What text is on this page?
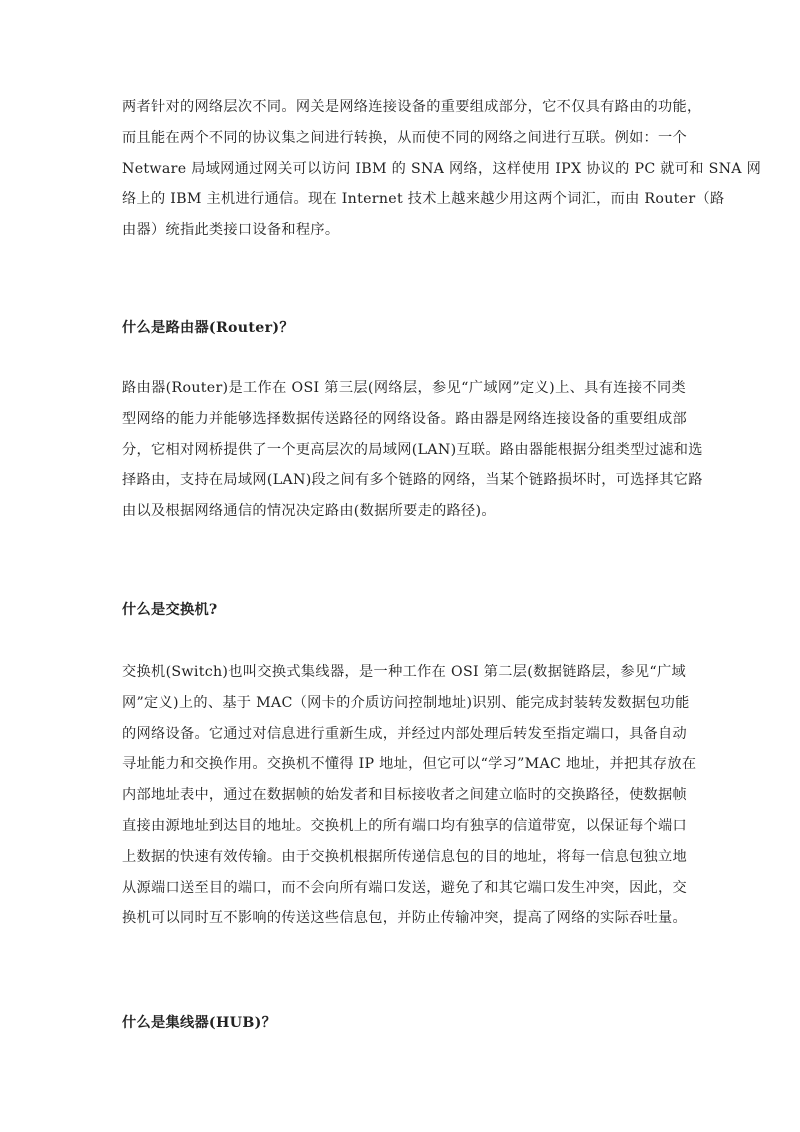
两者针对的网络层次不同。网关是网络连接设备的重要组成部分，它不仅具有路由的功能，
而且能在两个不同的协议集之间进行转换，从而使不同的网络之间进行互联。例如：一个
Netware 局域网通过网关可以访问 IBM 的 SNA 网络，这样使用 IPX 协议的 PC 就可和 SNA 网
络上的 IBM 主机进行通信。现在 Internet 技术上越来越少用这两个词汇，而由 Router（路
由器）统指此类接口设备和程序。

什么是路由器(Router)？

路由器(Router)是工作在 OSI 第三层(网络层，参见“广域网”定义)上、具有连接不同类
型网络的能力并能够选择数据传送路径的网络设备。路由器是网络连接设备的重要组成部
分，它相对网桥提供了一个更高层次的局域网(LAN)互联。路由器能根据分组类型过滤和选
择路由，支持在局域网(LAN)段之间有多个链路的网络，当某个链路损坏时，可选择其它路
由以及根据网络通信的情况决定路由(数据所要走的路径)。

什么是交换机?

交换机(Switch)也叫交换式集线器，是一种工作在 OSI 第二层(数据链路层，参见“广域
网”定义)上的、基于 MAC（网卡的介质访问控制地址)识别、能完成封装转发数据包功能
的网络设备。它通过对信息进行重新生成，并经过内部处理后转发至指定端口，具备自动
寻址能力和交换作用。交换机不懂得 IP 地址，但它可以“学习”MAC 地址，并把其存放在
内部地址表中，通过在数据帧的始发者和目标接收者之间建立临时的交换路径，使数据帧
直接由源地址到达目的地址。交换机上的所有端口均有独享的信道带宽，以保证每个端口
上数据的快速有效传输。由于交换机根据所传递信息包的目的地址，将每一信息包独立地
从源端口送至目的端口，而不会向所有端口发送，避免了和其它端口发生冲突，因此，交
换机可以同时互不影响的传送这些信息包，并防止传输冲突，提高了网络的实际吞吐量。

什么是集线器(HUB)？
